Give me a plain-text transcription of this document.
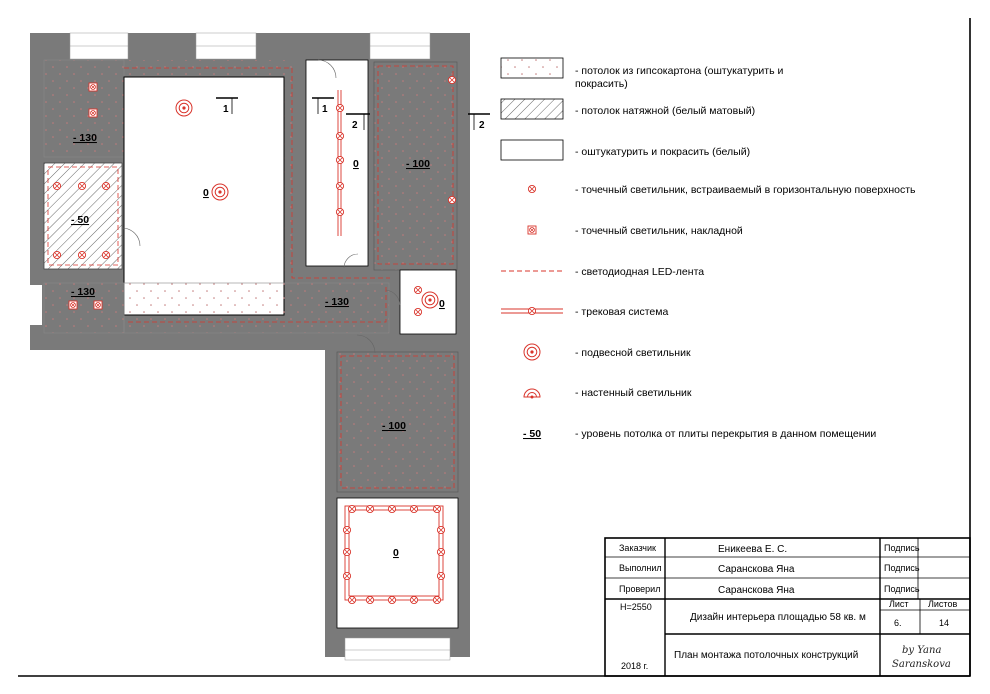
1	1
2	2
- 130
- 50
0
0	- 100
- 130
- 130	0
- 100
0
- 50
- потолок из гипсокартона (оштукатурить и
покрасить)
- потолок натяжной (белый матовый)
- оштукатурить и покрасить (белый)
- точечный светильник, встраиваемый в горизонтальную поверхность
- точечный светильник, накладной
- светодиодная LED-лента
- трековая система
- подвесной светильник
- настенный светильник
- уровень потолка от плиты перекрытия в данном помещении
Заказчик	Еникеева Е. С.	Подпись
Выполнил	Саранскова Яна	Подпись
Проверил	Саранскова Яна	Подпись
H=2550
Дизайн интерьера площадью 58 кв. м
Лист Листов
6.	14
План монтажа потолочных конструкций
2018 г.
by Yana
Saranskova
